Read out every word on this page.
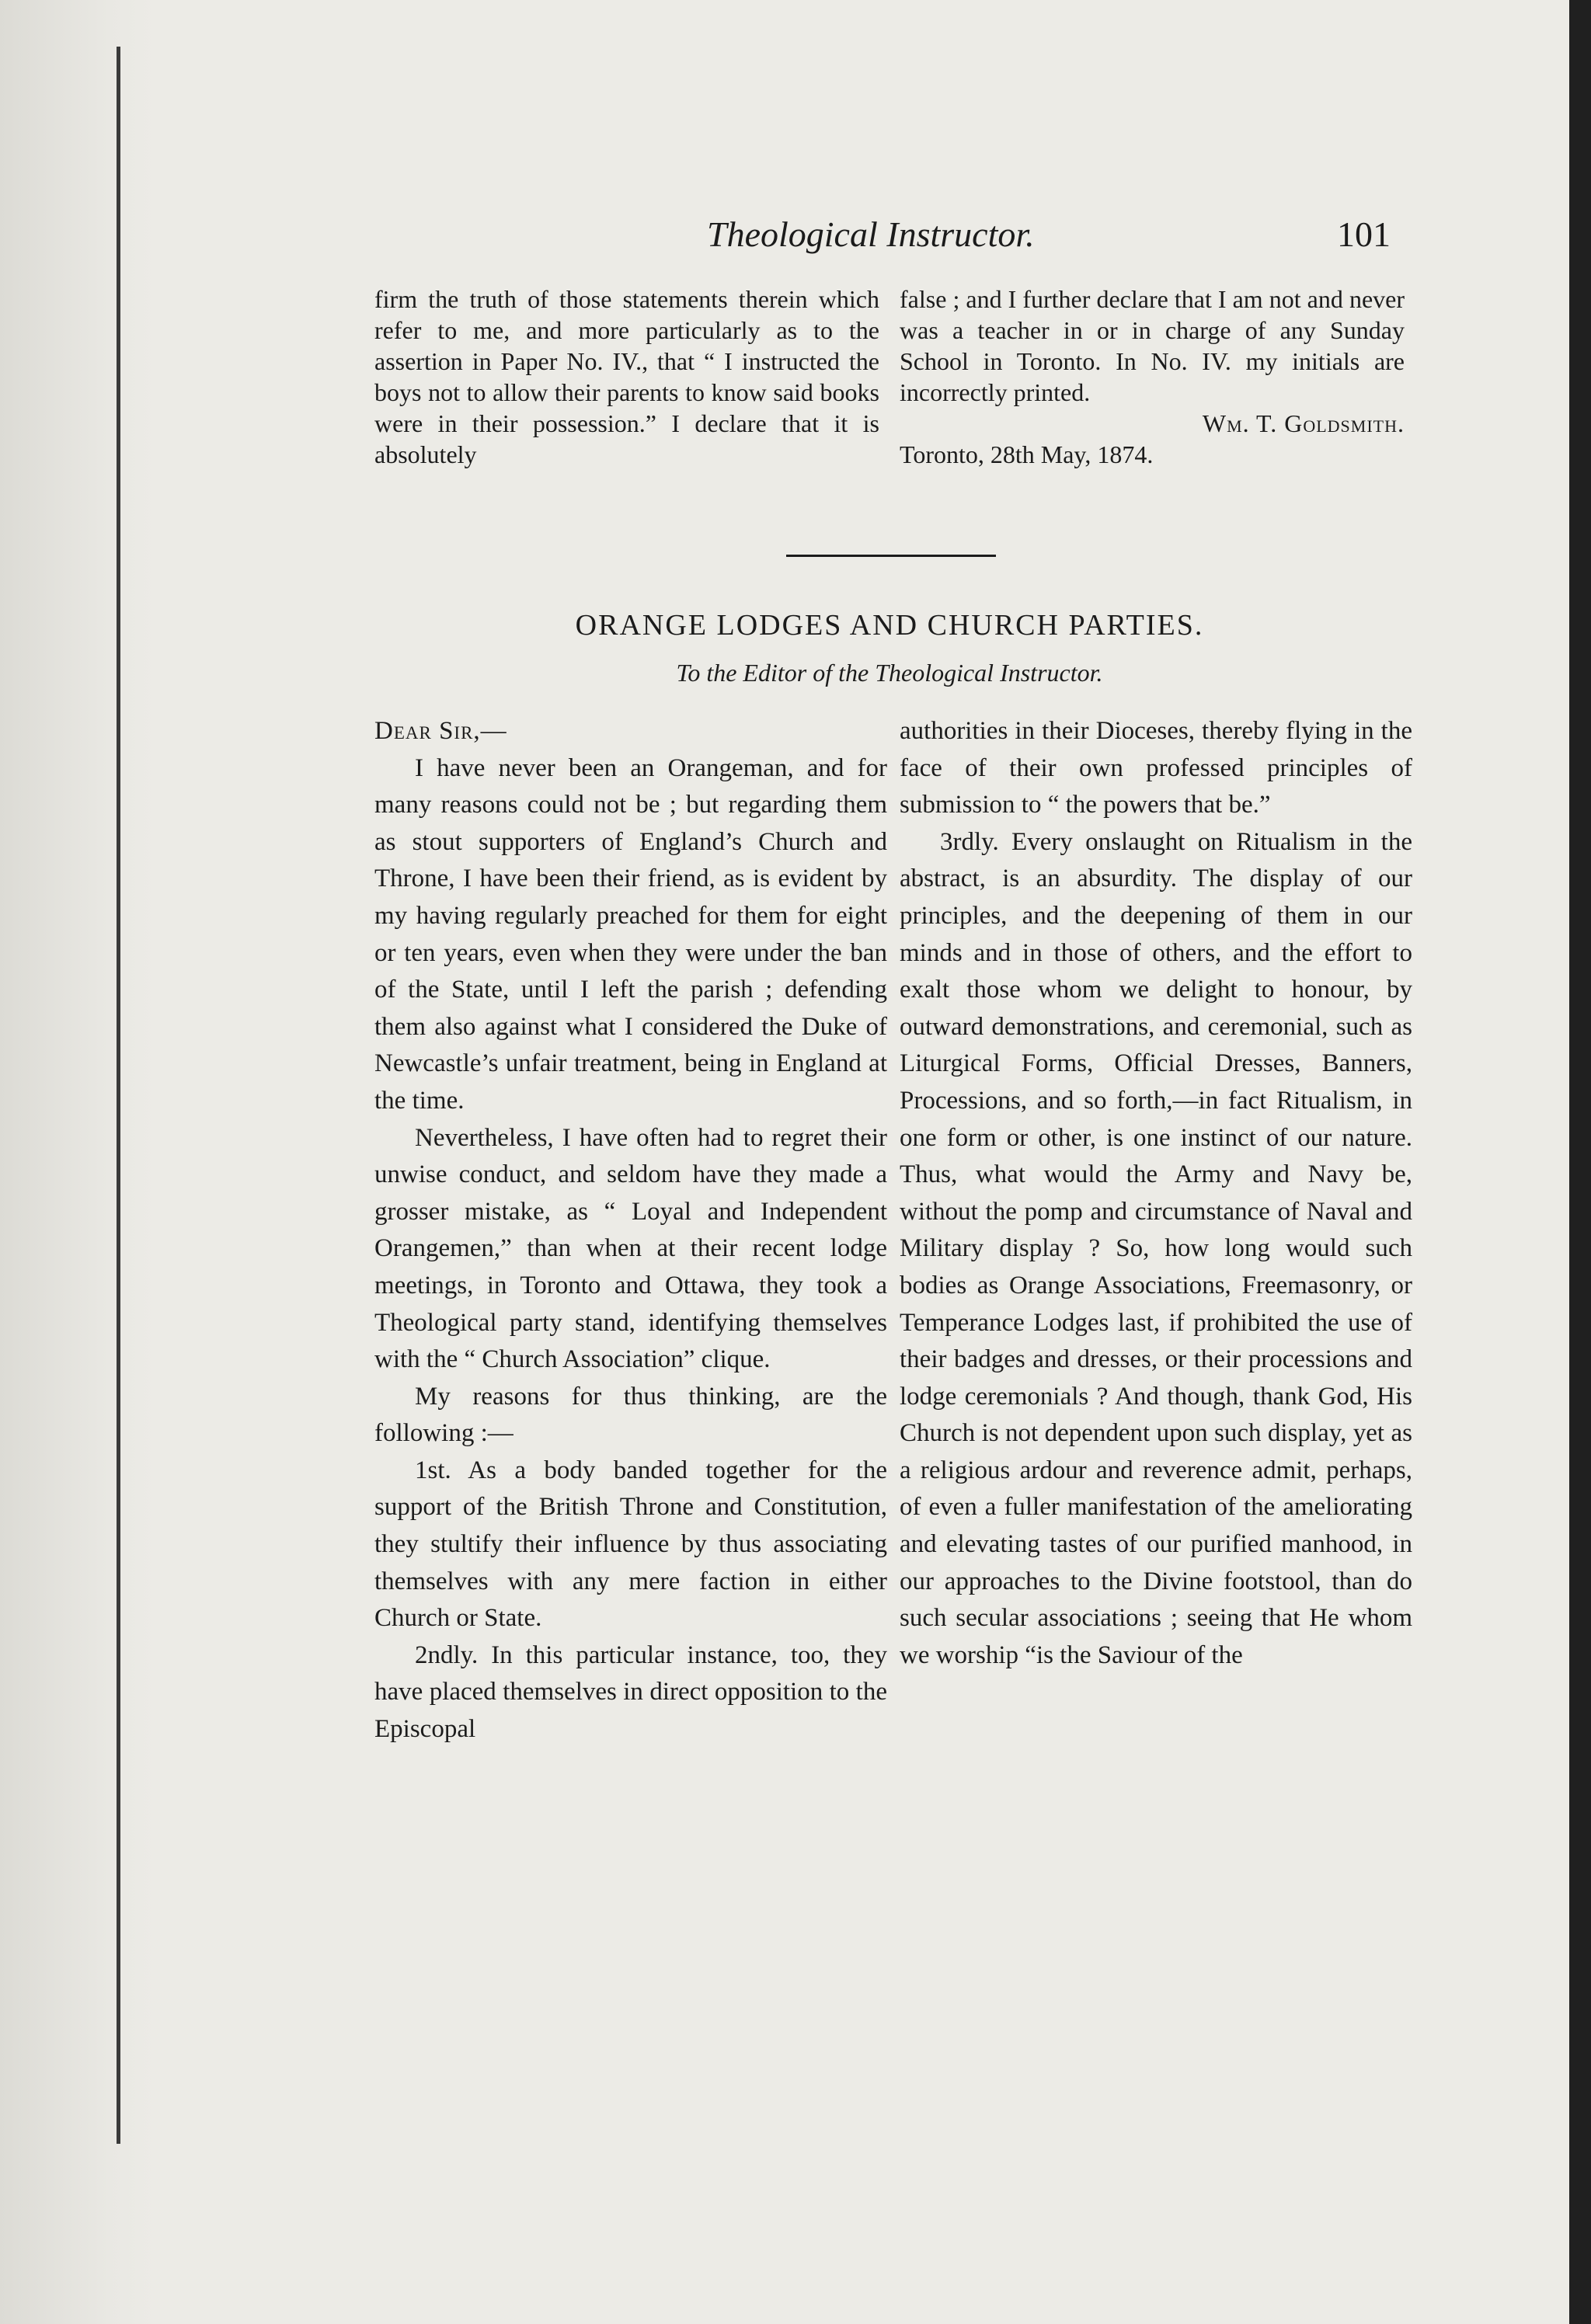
Theological Instructor.	101

firm the truth of those statements therein which refer to me, and more particularly as to the assertion in Paper No. IV., that “ I instructed the boys not to allow their parents to know said books were in their possession.” I declare that it is absolutely

false ; and I further declare that I am not and never was a teacher in or in charge of any Sunday School in Toronto. In No. IV. my initials are incorrectly printed.

Wm. T. Goldsmith.

Toronto, 28th May, 1874.

ORANGE LODGES AND CHURCH PARTIES.
To the Editor of the Theological Instructor.

Dear Sir,—

I have never been an Orangeman, and for many reasons could not be ; but regarding them as stout supporters of England’s Church and Throne, I have been their friend, as is evident by my having regularly preached for them for eight or ten years, even when they were under the ban of the State, until I left the parish ; defending them also against what I considered the Duke of Newcastle’s unfair treatment, being in England at the time.

Nevertheless, I have often had to regret their unwise conduct, and seldom have they made a grosser mistake, as “ Loyal and Independent Orangemen,” than when at their recent lodge meetings, in Toronto and Ottawa, they took a Theological party stand, identifying themselves with the “ Church Association” clique.

My reasons for thus thinking, are the following :—

1st. As a body banded together for the support of the British Throne and Constitution, they stultify their influence by thus associating themselves with any mere faction in either Church or State.

2ndly. In this particular instance, too, they have placed themselves in direct opposition to the Episcopal

authorities in their Dioceses, thereby flying in the face of their own professed principles of submission to “ the powers that be.”

3rdly. Every onslaught on Ritualism in the abstract, is an absurdity. The display of our principles, and the deepening of them in our minds and in those of others, and the effort to exalt those whom we delight to honour, by outward demonstrations, and ceremonial, such as Liturgical Forms, Official Dresses, Banners, Processions, and so forth,—in fact Ritualism, in one form or other, is one instinct of our nature. Thus, what would the Army and Navy be, without the pomp and circumstance of Naval and Military display ? So, how long would such bodies as Orange Associations, Freemasonry, or Temperance Lodges last, if prohibited the use of their badges and dresses, or their processions and lodge ceremonials ? And though, thank God, His Church is not dependent upon such display, yet as a religious ardour and reverence admit, perhaps, of even a fuller manifestation of the ameliorating and elevating tastes of our purified manhood, in our approaches to the Divine footstool, than do such secular associations ; seeing that He whom we worship “is the Saviour of the
